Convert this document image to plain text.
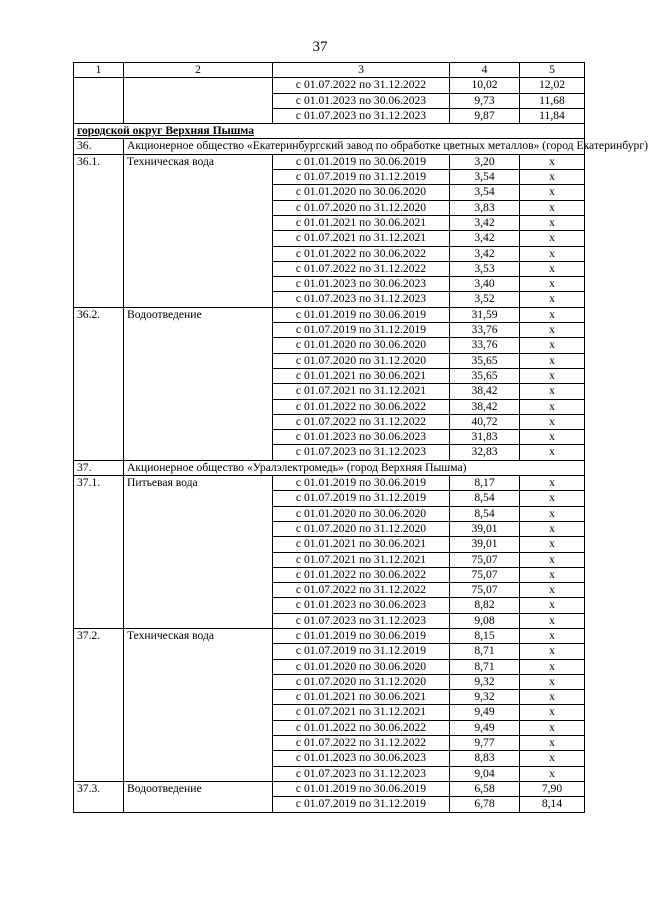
37
1	2	3	4	5
		с 01.07.2022 по 31.12.2022	10,02	12,02
		с 01.01.2023 по 30.06.2023	9,73	11,68
		с 01.07.2023 по 31.12.2023	9,87	11,84
городской округ Верхняя Пышма				
36.	Акционерное общество «Екатеринбургский завод по обработке цветных металлов» (город Екатеринбург)			
36.1.	Техническая вода	с 01.01.2019 по 30.06.2019	3,20	х
		с 01.07.2019 по 31.12.2019	3,54	х
		с 01.01.2020 по 30.06.2020	3,54	х
		с 01.07.2020 по 31.12.2020	3,83	х
		с 01.01.2021 по 30.06.2021	3,42	х
		с 01.07.2021 по 31.12.2021	3,42	х
		с 01.01.2022 по 30.06.2022	3,42	х
		с 01.07.2022 по 31.12.2022	3,53	х
		с 01.01.2023 по 30.06.2023	3,40	х
		с 01.07.2023 по 31.12.2023	3,52	х
36.2.	Водоотведение	с 01.01.2019 по 30.06.2019	31,59	х
		с 01.07.2019 по 31.12.2019	33,76	х
		с 01.01.2020 по 30.06.2020	33,76	х
		с 01.07.2020 по 31.12.2020	35,65	х
		с 01.01.2021 по 30.06.2021	35,65	х
		с 01.07.2021 по 31.12.2021	38,42	х
		с 01.01.2022 по 30.06.2022	38,42	х
		с 01.07.2022 по 31.12.2022	40,72	х
		с 01.01.2023 по 30.06.2023	31,83	х
		с 01.07.2023 по 31.12.2023	32,83	х
37.	Акционерное общество «Уралэлектромедь» (город Верхняя Пышма)			
37.1.	Питьевая вода	с 01.01.2019 по 30.06.2019	8,17	х
		с 01.07.2019 по 31.12.2019	8,54	х
		с 01.01.2020 по 30.06.2020	8,54	х
		с 01.07.2020 по 31.12.2020	39,01	х
		с 01.01.2021 по 30.06.2021	39,01	х
		с 01.07.2021 по 31.12.2021	75,07	х
		с 01.01.2022 по 30.06.2022	75,07	х
		с 01.07.2022 по 31.12.2022	75,07	х
		с 01.01.2023 по 30.06.2023	8,82	х
		с 01.07.2023 по 31.12.2023	9,08	х
37.2.	Техническая вода	с 01.01.2019 по 30.06.2019	8,15	х
		с 01.07.2019 по 31.12.2019	8,71	х
		с 01.01.2020 по 30.06.2020	8,71	х
		с 01.07.2020 по 31.12.2020	9,32	х
		с 01.01.2021 по 30.06.2021	9,32	х
		с 01.07.2021 по 31.12.2021	9,49	х
		с 01.01.2022 по 30.06.2022	9,49	х
		с 01.07.2022 по 31.12.2022	9,77	х
		с 01.01.2023 по 30.06.2023	8,83	х
		с 01.07.2023 по 31.12.2023	9,04	х
37.3.	Водоотведение	с 01.01.2019 по 30.06.2019	6,58	7,90
		с 01.07.2019 по 31.12.2019	6,78	8,14
